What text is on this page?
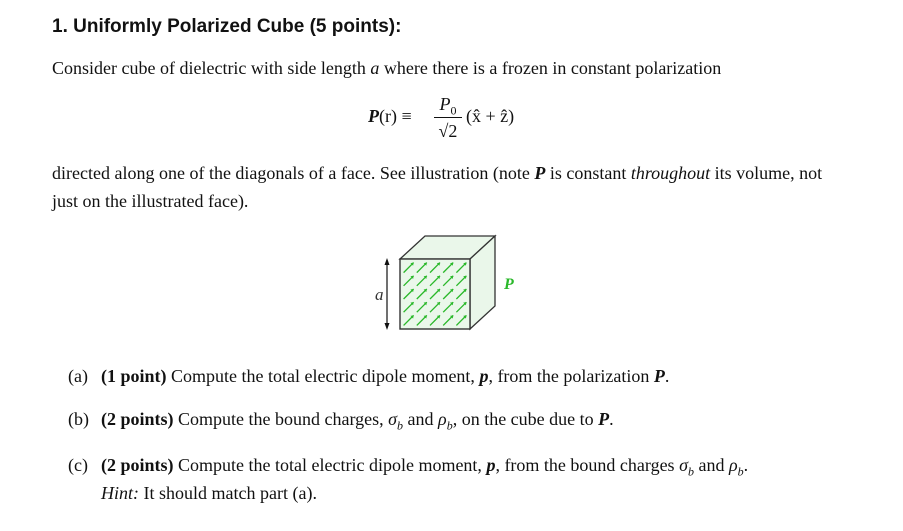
1. Uniformly Polarized Cube (5 points):
Consider cube of dielectric with side length a where there is a frozen in constant polarization
P(r) ≡
$P_0$
√2
(x̂ + ẑ)
directed along one of the diagonals of a face. See illustration (note P is constant throughout its volume, not just on the illustrated face).
a
P
(a) (1 point) Compute the total electric dipole moment, p, from the polarization P.
(b) (2 points) Compute the bound charges, $\sigma_b$ and $\rho_b$, on the cube due to P.
(c) (2 points) Compute the total electric dipole moment, p, from the bound charges $\sigma_b$ and $\rho_b$.
Hint: It should match part (a).
